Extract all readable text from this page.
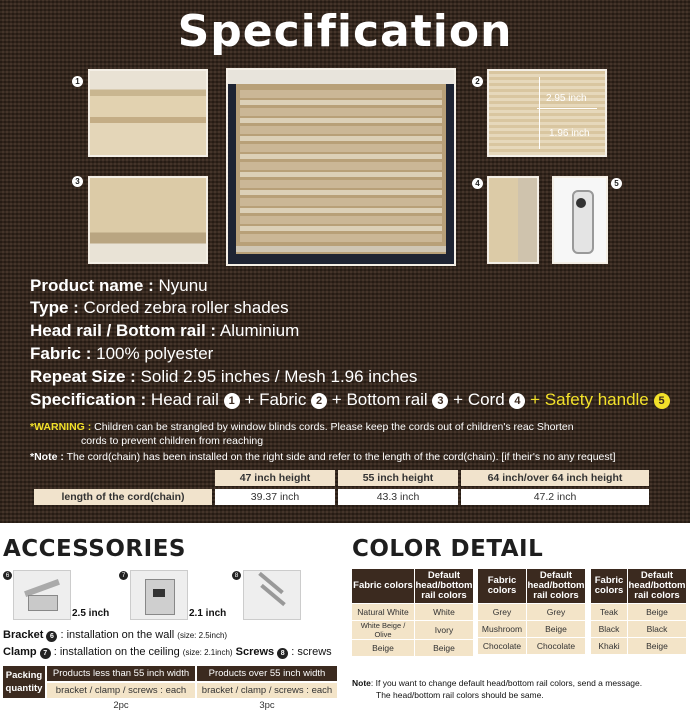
Specification
1	2
2.95 inch
1.96 inch
3	4	5
Product name : Nyunu
Type : Corded zebra roller shades
Head rail / Bottom rail : Aluminium
Fabric : 100% polyester
Repeat Size : Solid 2.95 inches / Mesh 1.96 inches
Specification : Head rail 1 + Fabric 2 + Bottom rail 3 + Cord 4 + Safety handle 5
*WARNING : Children can be strangled by window blinds cords. Please keep the cords out of children's reac Shorten
cords to prevent children from reaching
*Note : The cord(chain) has been installed on the right side and refer to the length of the cord(chain). [if their's no any request]
	47 inch height	55 inch height	64 inch/over 64 inch height
length of the cord(chain)	39.37 inch	43.3 inch	47.2 inch
ACCESSORIES
6
2.5 inch
7
2.1 inch
8
Bracket 6 : installation on the wall (size: 2.5inch)
Clamp 7 : installation on the ceiling (size: 2.1inch) Screws 8 : screws
Packing quantity
Products less than 55 inch width	Products over 55 inch width
bracket / clamp / screws : each 2pc
bracket / clamp / screws : each 3pc
COLOR DETAIL
Fabric colors	Default head/bottom rail colors
Natural White	White
White Beige / Olive	Ivory
Beige	Beige
Fabric colors	Default head/bottom rail colors
Grey	Grey
Mushroom	Beige
Chocolate	Chocolate
Fabric colors	Default head/bottom rail colors
Teak	Beige
Black	Black
Khaki	Beige
Note: If you want to change default head/bottom rail colors, send a message.
The head/bottom rail colors should be same.
